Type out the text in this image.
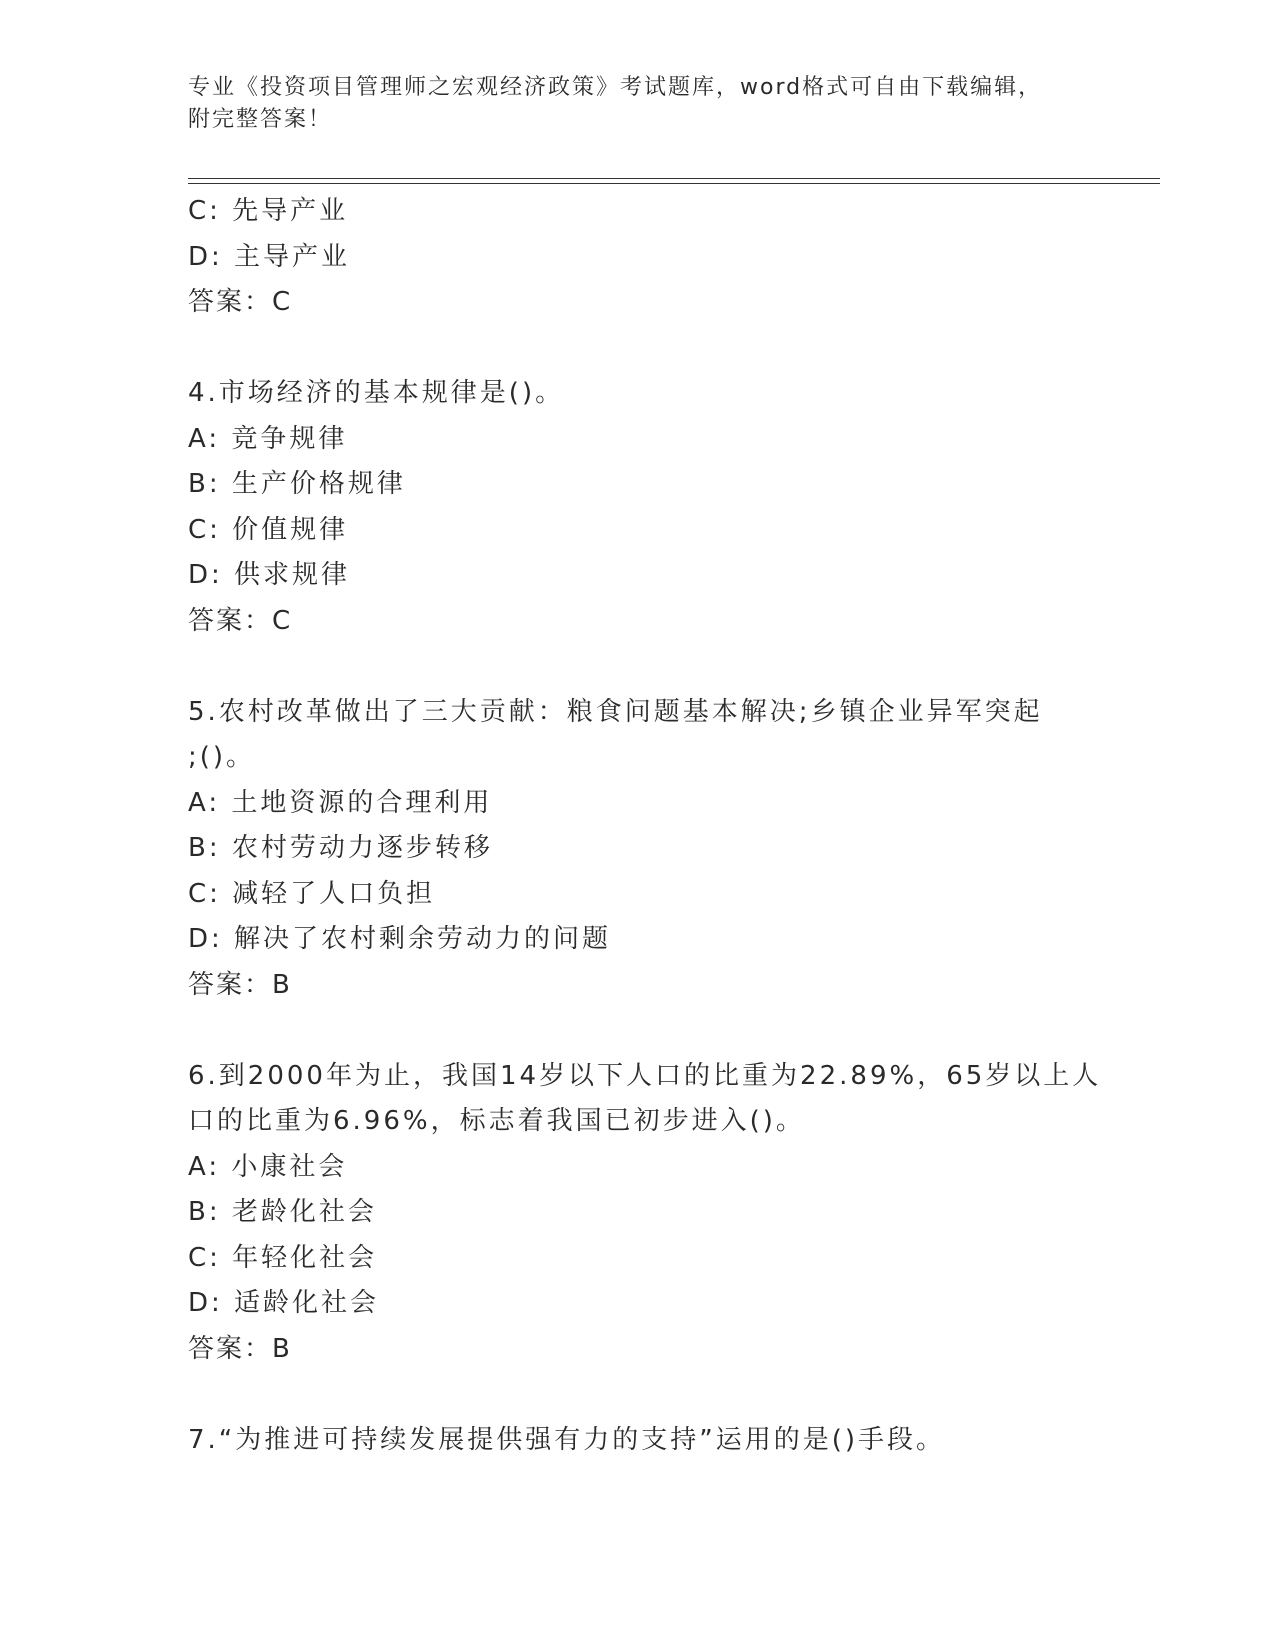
专业《投资项目管理师之宏观经济政策》考试题库，word格式可自由下载编辑，
附完整答案！
C: 先导产业
D: 主导产业
答案：C
4.市场经济的基本规律是()。
A: 竞争规律
B: 生产价格规律
C: 价值规律
D: 供求规律
答案：C
5.农村改革做出了三大贡献：粮食问题基本解决;乡镇企业异军突起
;()。
A: 土地资源的合理利用
B: 农村劳动力逐步转移
C: 减轻了人口负担
D: 解决了农村剩余劳动力的问题
答案：B
6.到2000年为止，我国14岁以下人口的比重为22.89%，65岁以上人
口的比重为6.96%，标志着我国已初步进入()。
A: 小康社会
B: 老龄化社会
C: 年轻化社会
D: 适龄化社会
答案：B
7.“为推进可持续发展提供强有力的支持”运用的是()手段。
